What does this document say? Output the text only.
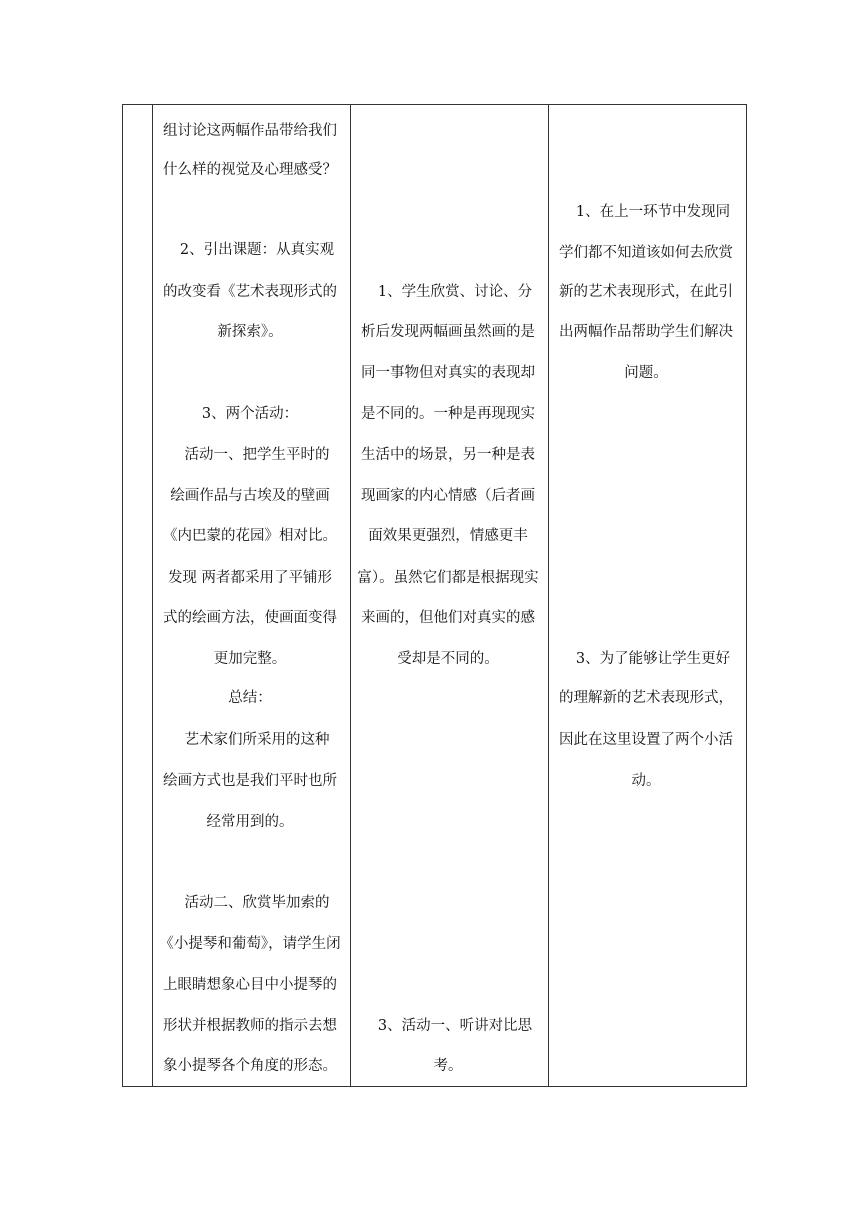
组讨论这两幅作品带给我们
什么样的视觉及心理感受？
2、引出课题：从真实观
的改变看《艺术表现形式的
新探索》。
3、两个活动：
活动一、把学生平时的
绘画作品与古埃及的壁画
《内巴蒙的花园》相对比。
发现 两者都采用了平铺形
式的绘画方法，使画面变得
更加完整。
总结：
艺术家们所采用的这种
绘画方式也是我们平时也所
经常用到的。
活动二、欣赏毕加索的
《小提琴和葡萄》，请学生闭
上眼睛想象心目中小提琴的
形状并根据教师的指示去想
象小提琴各个角度的形态。
1、学生欣赏、讨论、分
析后发现两幅画虽然画的是
同一事物但对真实的表现却
是不同的。一种是再现现实
生活中的场景，另一种是表
现画家的内心情感（后者画
面效果更强烈，情感更丰
富）。虽然它们都是根据现实
来画的，但他们对真实的感
受却是不同的。
3、活动一、听讲对比思
考。
1、在上一环节中发现同
学们都不知道该如何去欣赏
新的艺术表现形式，在此引
出两幅作品帮助学生们解决
问题。
3、为了能够让学生更好
的理解新的艺术表现形式，
因此在这里设置了两个小活
动。
